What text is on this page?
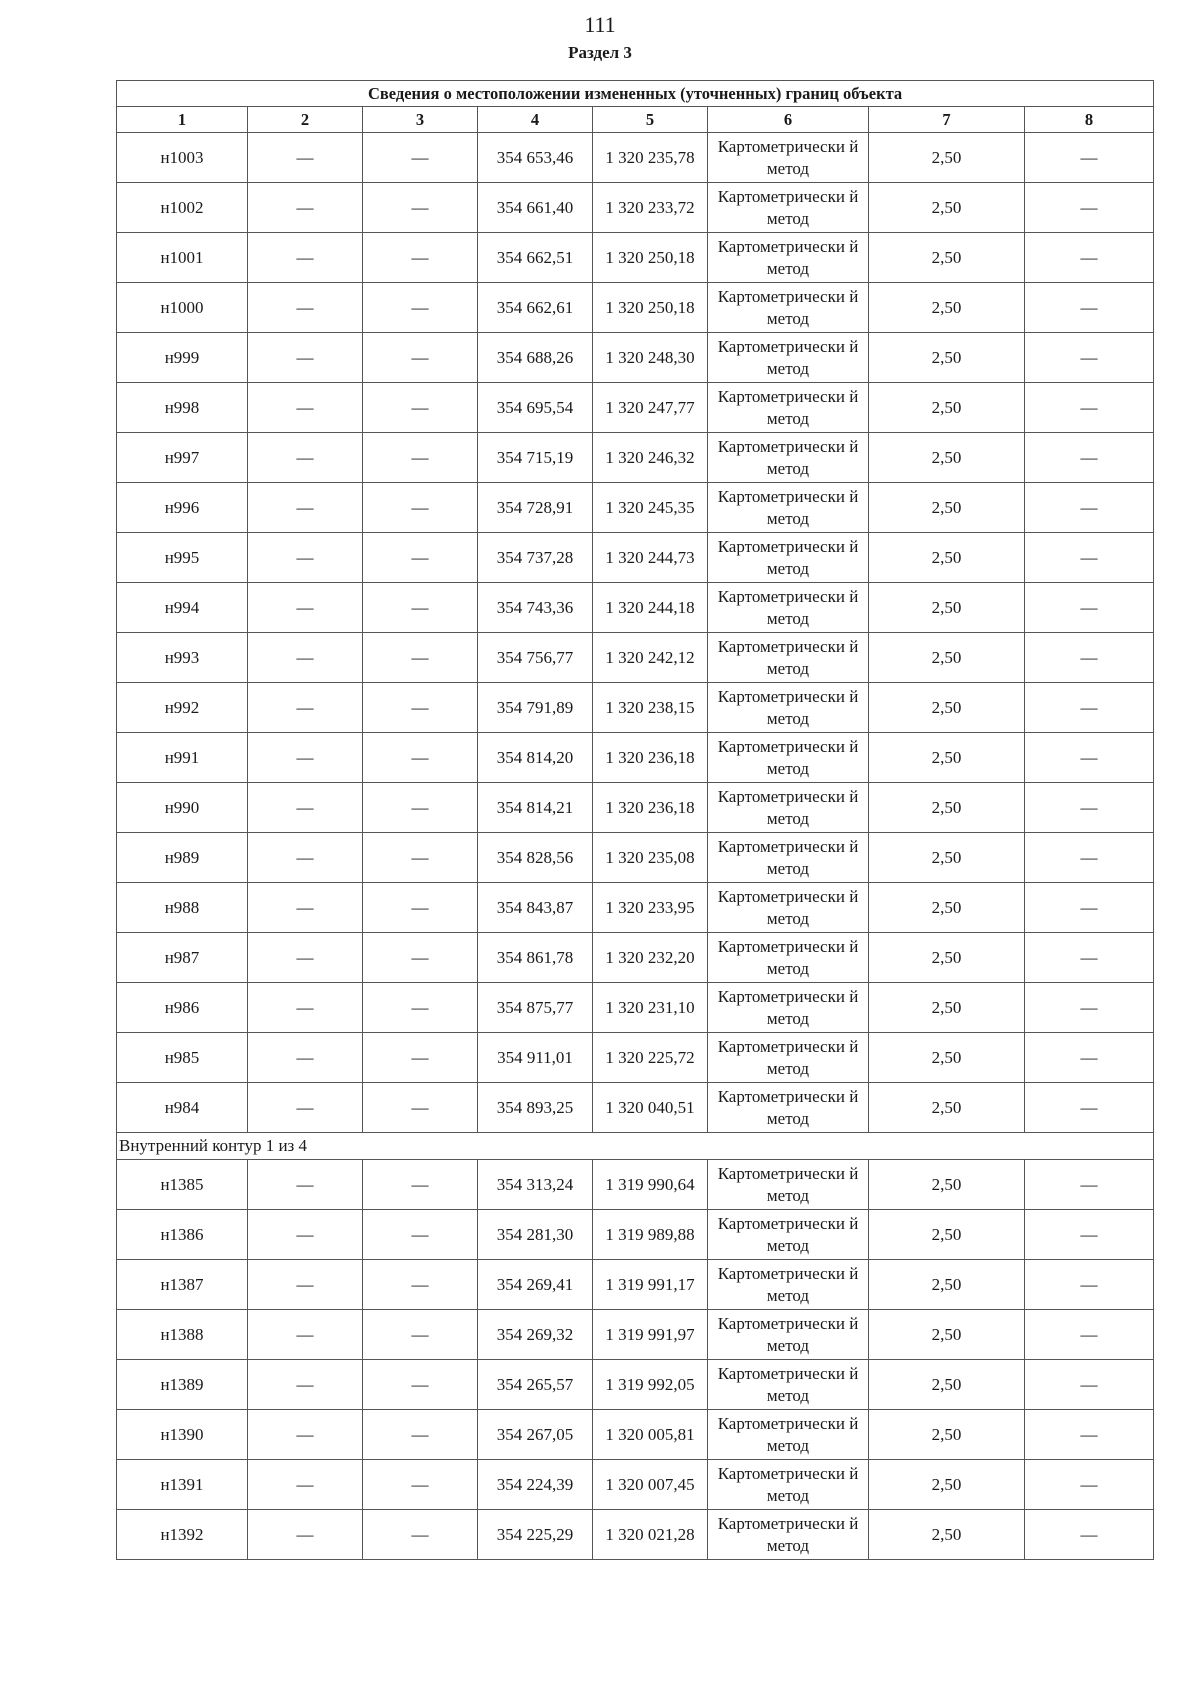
111
Раздел 3
Сведения о местоположении измененных (уточненных) границ объекта							
1	2	3	4	5	6	7	8
н1003	—	—	354 653,46	1 320 235,78	Картометрически й метод	2,50	—
н1002	—	—	354 661,40	1 320 233,72	Картометрически й метод	2,50	—
н1001	—	—	354 662,51	1 320 250,18	Картометрически й метод	2,50	—
н1000	—	—	354 662,61	1 320 250,18	Картометрически й метод	2,50	—
н999	—	—	354 688,26	1 320 248,30	Картометрически й метод	2,50	—
н998	—	—	354 695,54	1 320 247,77	Картометрически й метод	2,50	—
н997	—	—	354 715,19	1 320 246,32	Картометрически й метод	2,50	—
н996	—	—	354 728,91	1 320 245,35	Картометрически й метод	2,50	—
н995	—	—	354 737,28	1 320 244,73	Картометрически й метод	2,50	—
н994	—	—	354 743,36	1 320 244,18	Картометрически й метод	2,50	—
н993	—	—	354 756,77	1 320 242,12	Картометрически й метод	2,50	—
н992	—	—	354 791,89	1 320 238,15	Картометрически й метод	2,50	—
н991	—	—	354 814,20	1 320 236,18	Картометрически й метод	2,50	—
н990	—	—	354 814,21	1 320 236,18	Картометрически й метод	2,50	—
н989	—	—	354 828,56	1 320 235,08	Картометрически й метод	2,50	—
н988	—	—	354 843,87	1 320 233,95	Картометрически й метод	2,50	—
н987	—	—	354 861,78	1 320 232,20	Картометрически й метод	2,50	—
н986	—	—	354 875,77	1 320 231,10	Картометрически й метод	2,50	—
н985	—	—	354 911,01	1 320 225,72	Картометрически й метод	2,50	—
н984	—	—	354 893,25	1 320 040,51	Картометрически й метод	2,50	—
Внутренний контур 1 из 4							
н1385	—	—	354 313,24	1 319 990,64	Картометрически й метод	2,50	—
н1386	—	—	354 281,30	1 319 989,88	Картометрически й метод	2,50	—
н1387	—	—	354 269,41	1 319 991,17	Картометрически й метод	2,50	—
н1388	—	—	354 269,32	1 319 991,97	Картометрически й метод	2,50	—
н1389	—	—	354 265,57	1 319 992,05	Картометрически й метод	2,50	—
н1390	—	—	354 267,05	1 320 005,81	Картометрически й метод	2,50	—
н1391	—	—	354 224,39	1 320 007,45	Картометрически й метод	2,50	—
н1392	—	—	354 225,29	1 320 021,28	Картометрически й метод	2,50	—
